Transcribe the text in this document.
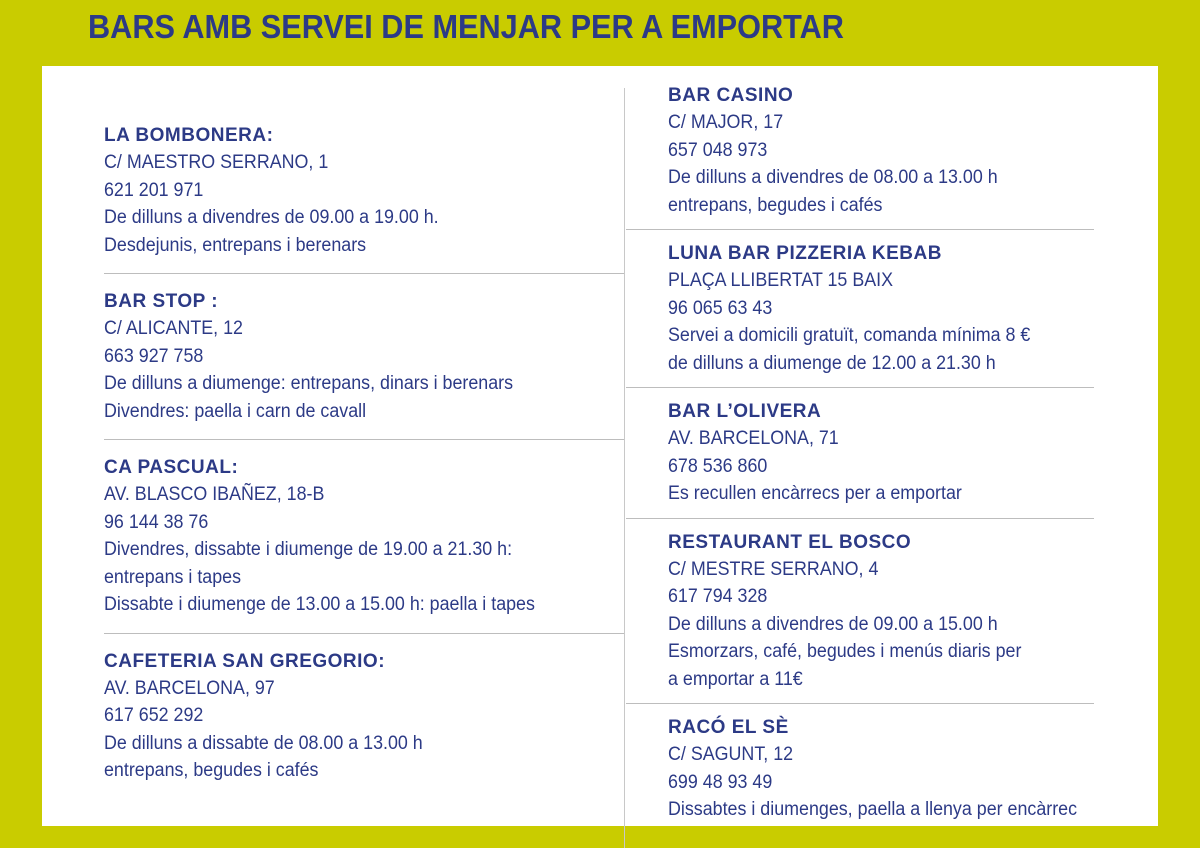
BARS AMB SERVEI DE MENJAR PER A EMPORTAR
LA BOMBONERA:
C/ MAESTRO SERRANO, 1
621 201 971
De dilluns a divendres de 09.00 a 19.00 h.
Desdejunis, entrepans i berenars
BAR STOP :
C/ ALICANTE, 12
663 927 758
De dilluns a diumenge: entrepans, dinars i berenars
Divendres: paella i carn de cavall
CA PASCUAL:
AV. BLASCO IBAÑEZ, 18-B
96 144 38 76
Divendres, dissabte i diumenge de 19.00 a 21.30 h:
entrepans i tapes
Dissabte i diumenge de 13.00 a 15.00 h: paella i tapes
CAFETERIA SAN GREGORIO:
AV. BARCELONA, 97
617 652 292
De dilluns a dissabte de 08.00 a 13.00 h
entrepans, begudes i cafés
BAR CASINO
C/ MAJOR, 17
657 048 973
De dilluns a divendres de 08.00 a 13.00 h
entrepans, begudes i cafés
LUNA BAR PIZZERIA KEBAB
PLAÇA LLIBERTAT 15 BAIX
96 065 63 43
Servei a domicili gratuït, comanda mínima 8 €
de dilluns a diumenge de 12.00 a 21.30 h
BAR L’OLIVERA
AV. BARCELONA, 71
678 536 860
Es recullen encàrrecs per a emportar
RESTAURANT EL BOSCO
C/ MESTRE SERRANO, 4
617 794 328
De dilluns a divendres de 09.00 a 15.00 h
Esmorzars, café, begudes i menús diaris per
a emportar a 11€
RACÓ EL SÈ
C/ SAGUNT, 12
699 48 93 49
Dissabtes i diumenges, paella a llenya per encàrrec
